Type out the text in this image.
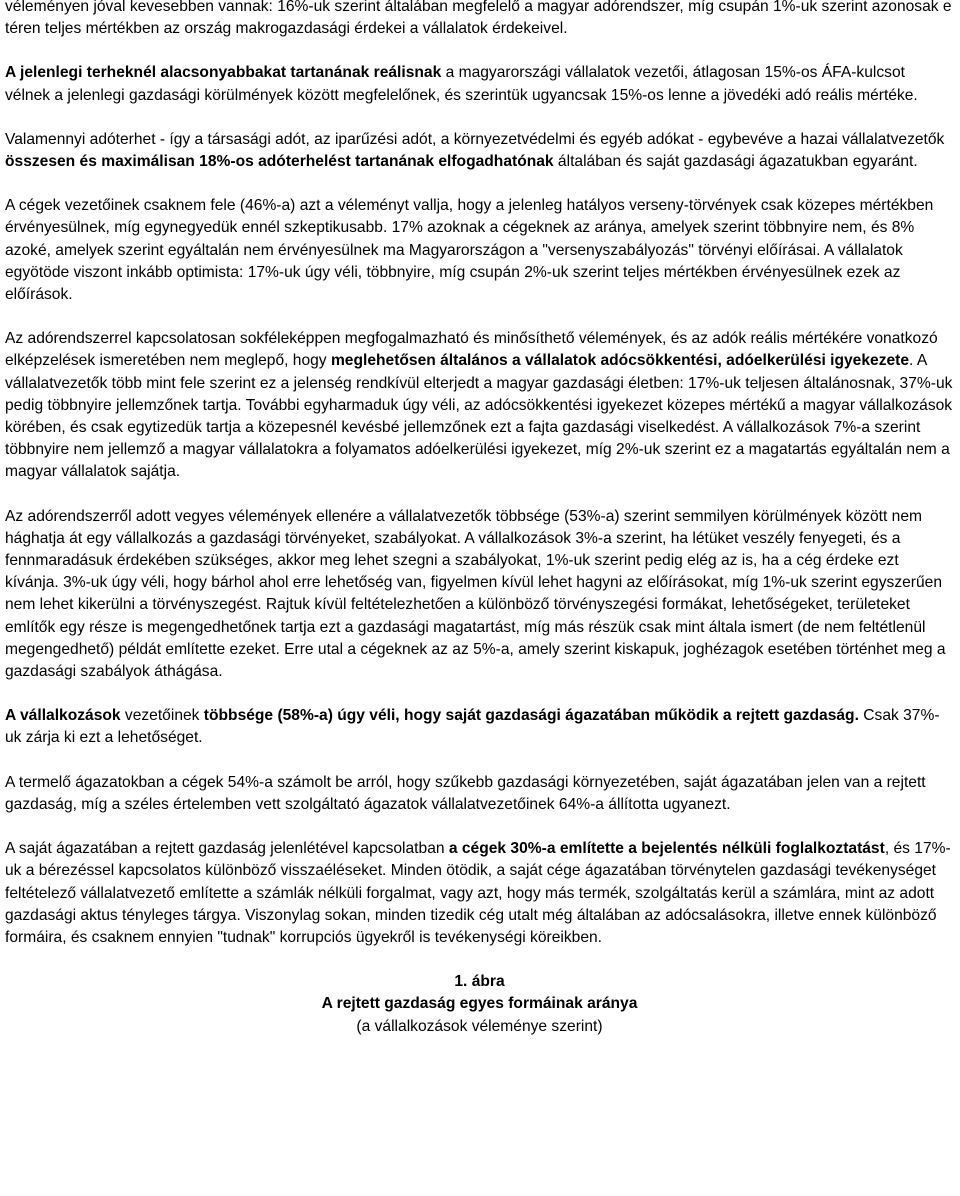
véleményen jóval kevesebben vannak: 16%-uk szerint általában megfelelő a magyar adórendszer, míg csupán 1%-uk szerint azonosak e téren teljes mértékben az ország makrogazdasági érdekei a vállalatok érdekeivel.

A jelenlegi terheknél alacsonyabbakat tartanának reálisnak a magyarországi vállalatok vezetői, átlagosan 15%-os ÁFA-kulcsot vélnek a jelenlegi gazdasági körülmények között megfelelőnek, és szerintük ugyancsak 15%-os lenne a jövedéki adó reális mértéke.

Valamennyi adóterhet - így a társasági adót, az iparűzési adót, a környezetvédelmi és egyéb adókat - egybevéve a hazai vállalatvezetők összesen és maximálisan 18%-os adóterhelést tartanának elfogadhatónak általában és saját gazdasági ágazatukban egyaránt.

A cégek vezetőinek csaknem fele (46%-a) azt a véleményt vallja, hogy a jelenleg hatályos verseny-törvények csak közepes mértékben érvényesülnek, míg egynegyedük ennél szkeptikusabb. 17% azoknak a cégeknek az aránya, amelyek szerint többnyire nem, és 8% azoké, amelyek szerint egyáltalán nem érvényesülnek ma Magyarországon a "versenyszabályozás" törvényi előírásai. A vállalatok egyötöde viszont inkább optimista: 17%-uk úgy véli, többnyire, míg csupán 2%-uk szerint teljes mértékben érvényesülnek ezek az előírások.

Az adórendszerrel kapcsolatosan sokféleképpen megfogalmazható és minősíthető vélemények, és az adók reális mértékére vonatkozó elképzelések ismeretében nem meglepő, hogy meglehetősen általános a vállalatok adócsökkentési, adóelkerülési igyekezete. A vállalatvezetők több mint fele szerint ez a jelenség rendkívül elterjedt a magyar gazdasági életben: 17%-uk teljesen általánosnak, 37%-uk pedig többnyire jellemzőnek tartja. További egyharmaduk úgy véli, az adócsökkentési igyekezet közepes mértékű a magyar vállalkozások körében, és csak egytizedük tartja a közepesnél kevésbé jellemzőnek ezt a fajta gazdasági viselkedést. A vállalkozások 7%-a szerint többnyire nem jellemző a magyar vállalatokra a folyamatos adóelkerülési igyekezet, míg 2%-uk szerint ez a magatartás egyáltalán nem a magyar vállalatok sajátja.

Az adórendszerről adott vegyes vélemények ellenére a vállalatvezetők többsége (53%-a) szerint semmilyen körülmények között nem hághatja át egy vállalkozás a gazdasági törvényeket, szabályokat. A vállalkozások 3%-a szerint, ha létüket veszély fenyegeti, és a fennmaradásuk érdekében szükséges, akkor meg lehet szegni a szabályokat, 1%-uk szerint pedig elég az is, ha a cég érdeke ezt kívánja. 3%-uk úgy véli, hogy bárhol ahol erre lehetőség van, figyelmen kívül lehet hagyni az előírásokat, míg 1%-uk szerint egyszerűen nem lehet kikerülni a törvényszegést. Rajtuk kívül feltételezhetően a különböző törvényszegési formákat, lehetőségeket, területeket említők egy része is megengedhetőnek tartja ezt a gazdasági magatartást, míg más részük csak mint általa ismert (de nem feltétlenül megengedhető) példát említette ezeket. Erre utal a cégeknek az az 5%-a, amely szerint kiskapuk, joghézagok esetében történhet meg a gazdasági szabályok áthágása.

A vállalkozások vezetőinek többsége (58%-a) úgy véli, hogy saját gazdasági ágazatában működik a rejtett gazdaság. Csak 37%-uk zárja ki ezt a lehetőséget.

A termelő ágazatokban a cégek 54%-a számolt be arról, hogy szűkebb gazdasági környezetében, saját ágazatában jelen van a rejtett gazdaság, míg a széles értelemben vett szolgáltató ágazatok vállalatvezetőinek 64%-a állította ugyanezt.

A saját ágazatában a rejtett gazdaság jelenlétével kapcsolatban a cégek 30%-a említette a bejelentés nélküli foglalkoztatást, és 17%-uk a bérezéssel kapcsolatos különböző visszaéléseket. Minden ötödik, a saját cége ágazatában törvénytelen gazdasági tevékenységet feltételező vállalatvezető említette a számlák nélküli forgalmat, vagy azt, hogy más termék, szolgáltatás kerül a számlára, mint az adott gazdasági aktus tényleges tárgya. Viszonylag sokan, minden tizedik cég utalt még általában az adócsalásokra, illetve ennek különböző formáira, és csaknem ennyien "tudnak" korrupciós ügyekről is tevékenységi köreikben.

1. ábra
A rejtett gazdaság egyes formáinak aránya
(a vállalkozások véleménye szerint)
